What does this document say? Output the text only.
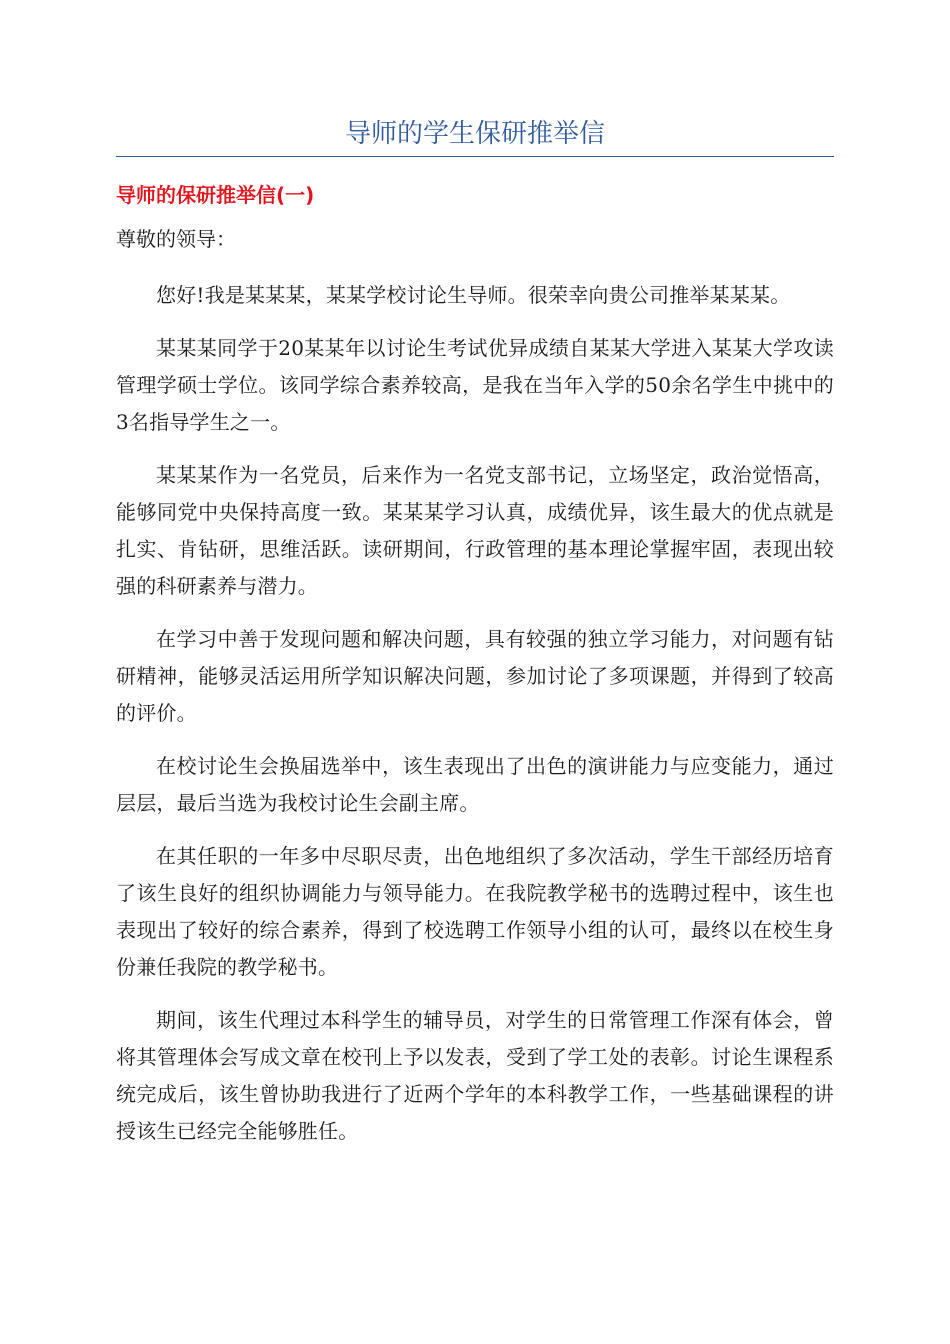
导师的学生保研推举信
导师的保研推举信(一)
尊敬的领导：

您好!我是某某某，某某学校讨论生导师。很荣幸向贵公司推举某某某。

某某某同学于20某某年以讨论生考试优异成绩自某某大学进入某某大学攻读管理学硕士学位。该同学综合素养较高，是我在当年入学的50余名学生中挑中的3名指导学生之一。

某某某作为一名党员，后来作为一名党支部书记，立场坚定，政治觉悟高，能够同党中央保持高度一致。某某某学习认真，成绩优异，该生最大的优点就是扎实、肯钻研，思维活跃。读研期间，行政管理的基本理论掌握牢固，表现出较强的科研素养与潜力。

在学习中善于发现问题和解决问题，具有较强的独立学习能力，对问题有钻研精神，能够灵活运用所学知识解决问题，参加讨论了多项课题，并得到了较高的评价。

在校讨论生会换届选举中，该生表现出了出色的演讲能力与应变能力，通过层层，最后当选为我校讨论生会副主席。

在其任职的一年多中尽职尽责，出色地组织了多次活动，学生干部经历培育了该生良好的组织协调能力与领导能力。在我院教学秘书的选聘过程中，该生也表现出了较好的综合素养，得到了校选聘工作领导小组的认可，最终以在校生身份兼任我院的教学秘书。

期间，该生代理过本科学生的辅导员，对学生的日常管理工作深有体会，曾将其管理体会写成文章在校刊上予以发表，受到了学工处的表彰。讨论生课程系统完成后，该生曾协助我进行了近两个学年的本科教学工作，一些基础课程的讲授该生已经完全能够胜任。
